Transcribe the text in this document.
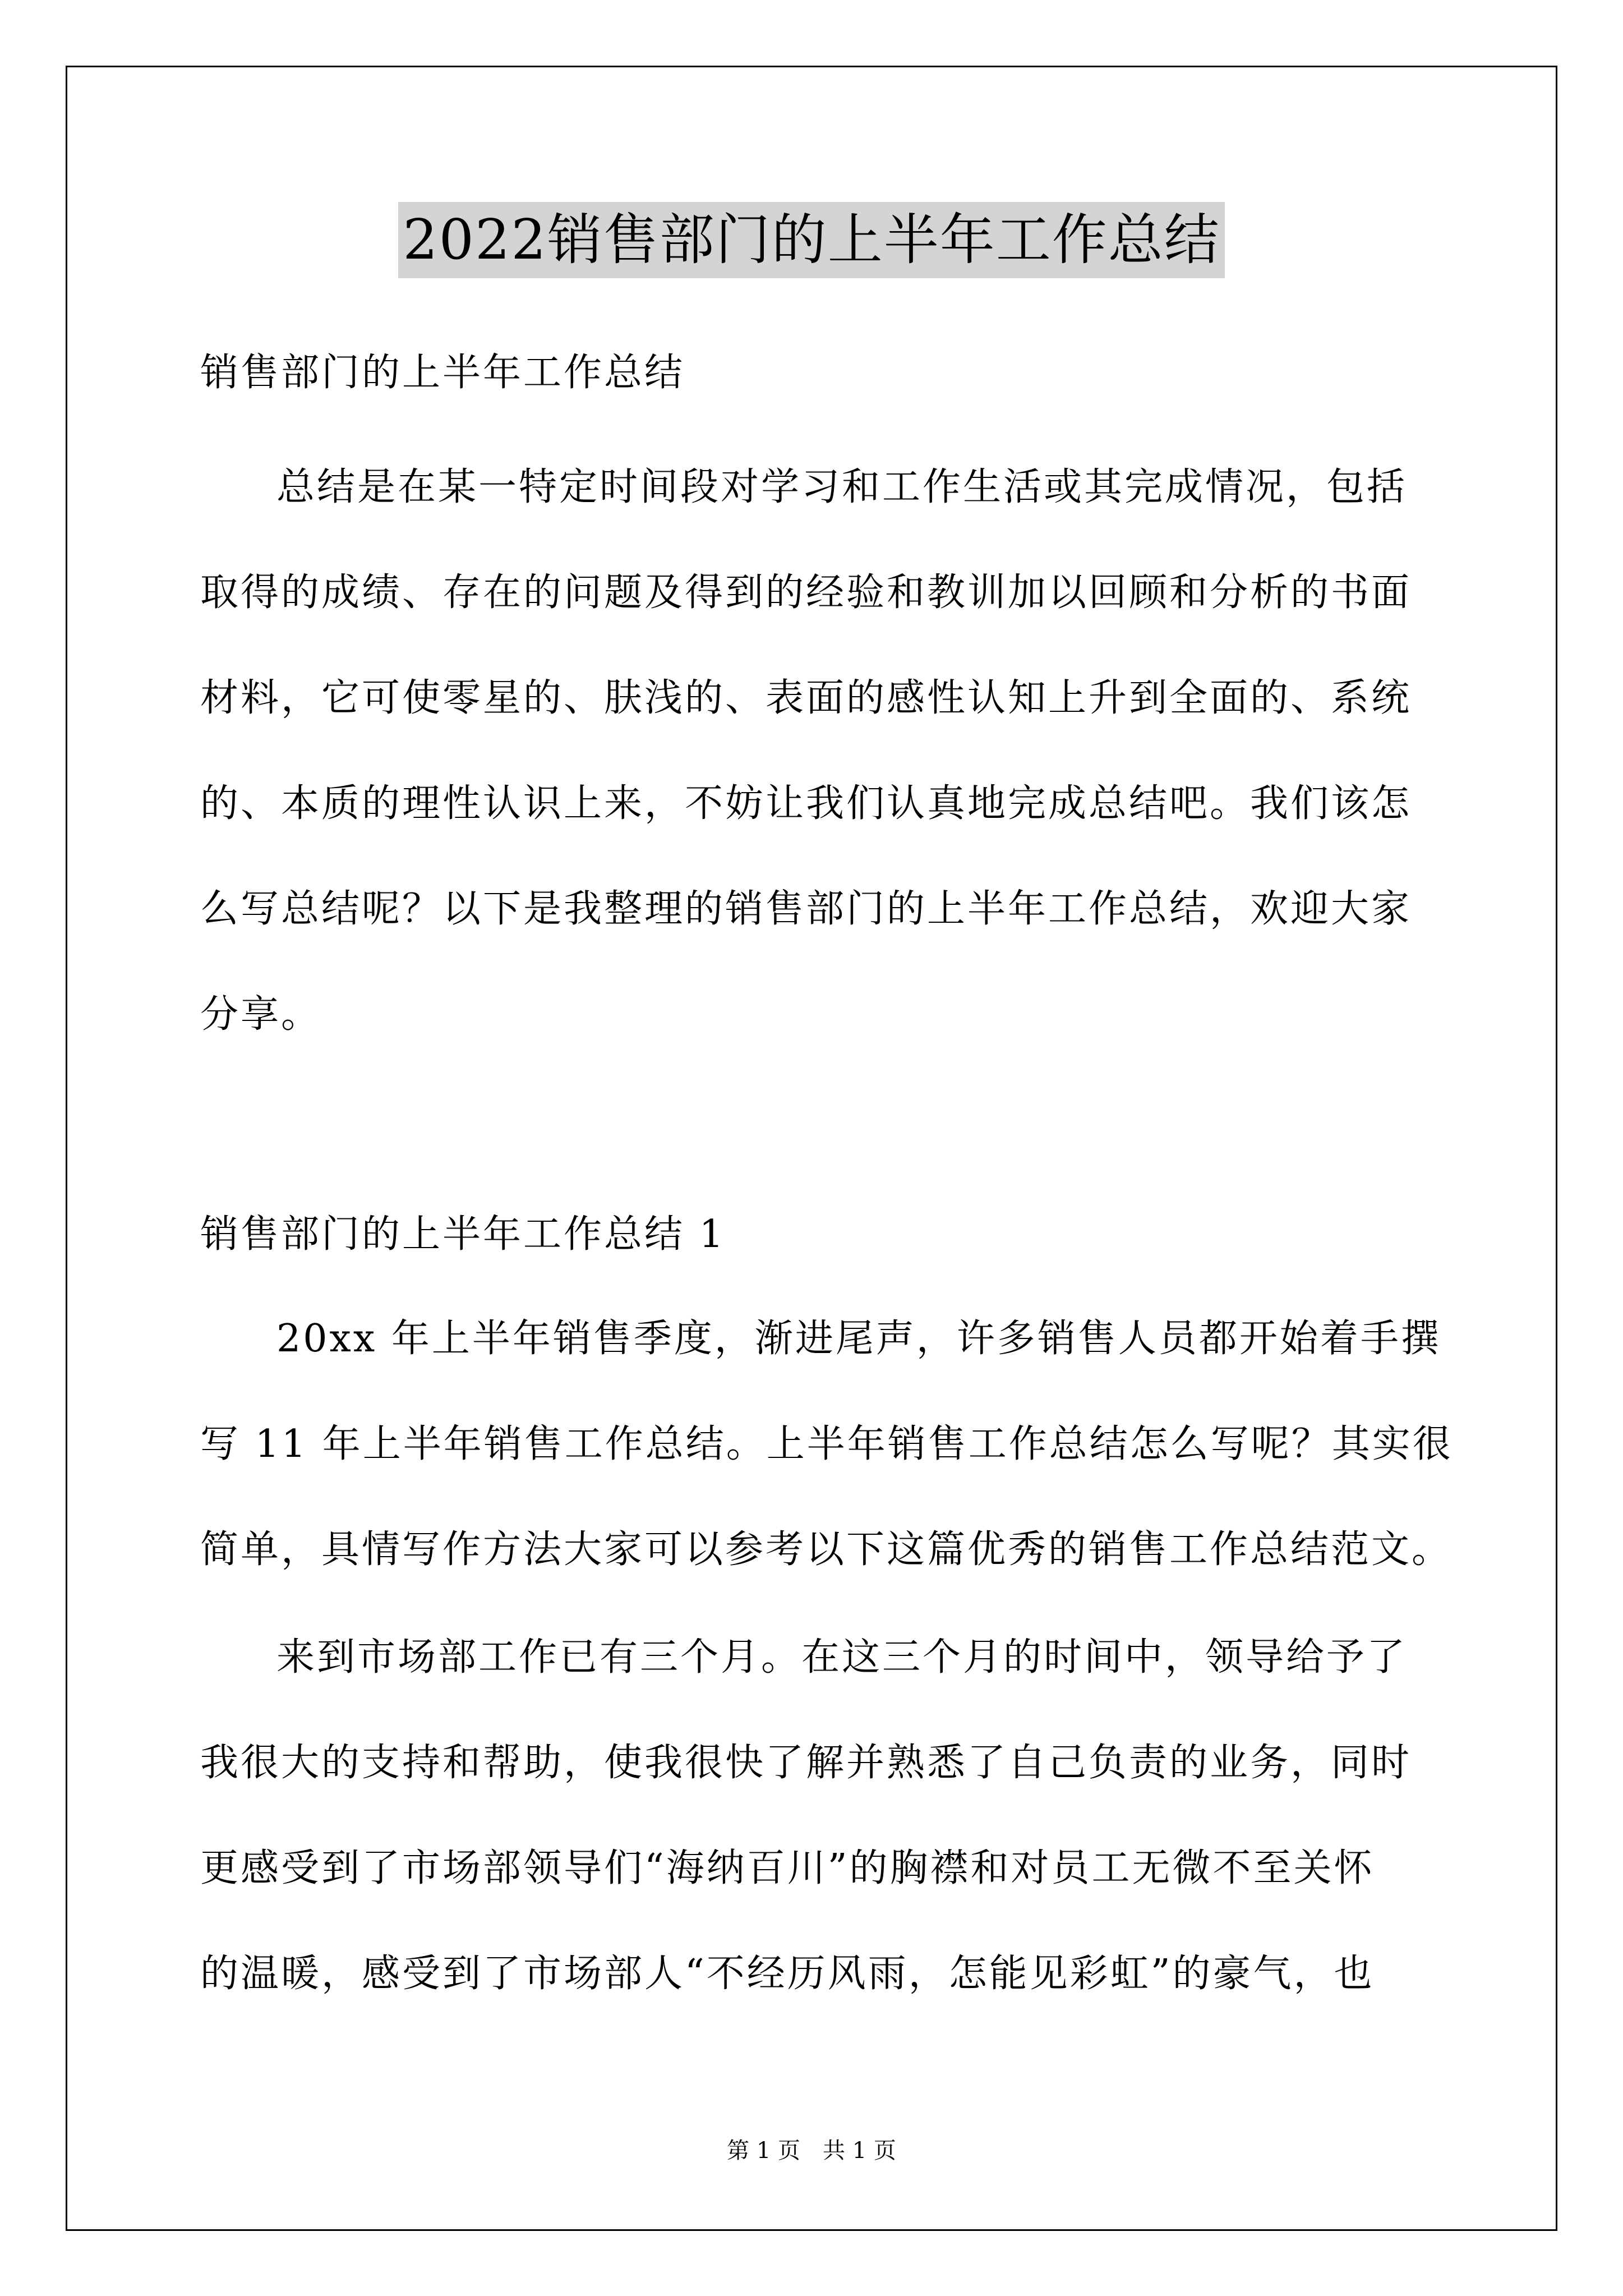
2022销售部门的上半年工作总结
销售部门的上半年工作总结
总结是在某一特定时间段对学习和工作生活或其完成情况，包括
取得的成绩、存在的问题及得到的经验和教训加以回顾和分析的书面
材料，它可使零星的、肤浅的、表面的感性认知上升到全面的、系统
的、本质的理性认识上来，不妨让我们认真地完成总结吧。我们该怎
么写总结呢？以下是我整理的销售部门的上半年工作总结，欢迎大家
分享。
销售部门的上半年工作总结 1
20xx 年上半年销售季度，渐进尾声，许多销售人员都开始着手撰
写 11 年上半年销售工作总结。上半年销售工作总结怎么写呢？其实很
简单，具情写作方法大家可以参考以下这篇优秀的销售工作总结范文。
来到市场部工作已有三个月。在这三个月的时间中，领导给予了
我很大的支持和帮助，使我很快了解并熟悉了自己负责的业务，同时
更感受到了市场部领导们“海纳百川”的胸襟和对员工无微不至关怀
的温暖，感受到了市场部人“不经历风雨，怎能见彩虹”的豪气，也
第 1 页　共 1 页
